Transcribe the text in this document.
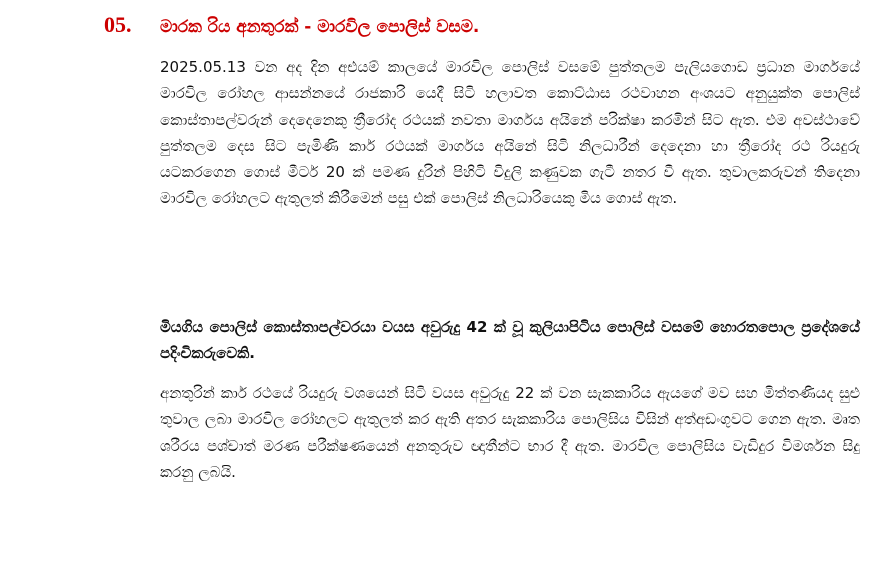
05.	මාරක රිය අනතුරක් - මාරවිල පොලිස් වසම.

2025.05.13 වන අද දින අළුයම් කාලයේ මාරවිල පොලිස් වසමේ පුත්තලම පැලියගොඩ ප්‍රධාන මාර්ගයේ මාරවිල රෝහල ආසන්නයේ රාජකාරි යෙදී සිටි හලාවත කොට්ඨාස රථවාහන අංශයට අනුයුක්ත පොලිස් කොස්තාපල්වරුන් දෙදෙනෙකු ත්‍රීරෝද රථයක් නවතා මාර්ගය අයිනේ පරික්ෂා කරමින් සිට ඇත. එම අවස්ථාවේ පුත්තලම දෙස සිට පැමිණි කාර් රථයක් මාර්ගය අයිනේ සිටි නිලධාරීන් දෙදෙනා හා ත්‍රීරෝද රථ රියදුරු යටකරගෙන ගොස් මීටර් 20 ක් පමණ දුරින් පිහිටි විදුලි කණුවක ගැටී නතර වී ඇත. තුවාලකරුවන් තිදෙනා මාරවිල රෝහලට ඇතුලත් කිරීමෙන් පසු එක් පොලිස් නිලධාරියෙකු මිය ගොස් ඇත.

මියගිය පොලිස් කොස්තාපල්වරයා වයස අවුරුදු 42 ක් වූ කුලියාපිටිය පොලිස් වසමේ හොරතපොල ප්‍රදේශයේ පදිංචිකරුවෙකි.

අනතුරින් කාර් රථයේ රියදුරු වශයෙන් සිටි වයස අවුරුදු 22 ක් වන සැකකාරිය ඇයගේ මව සහ මිත්තණියද සුළු තුවාල ලබා මාරවිල රෝහලට ඇතුලත් කර ඇති අතර සැකකාරිය පොලිසිය විසින් අත්අඩංගුවට ගෙන ඇත. මෘත ශරීරය පශ්චාත් මරණ පරීක්ෂණයෙන් අනතුරුව ඥාතීන්ට භාර දී ඇත. මාරවිල පොලිසිය වැඩිදුර විමර්ශන සිදු කරනු ලබයි.
